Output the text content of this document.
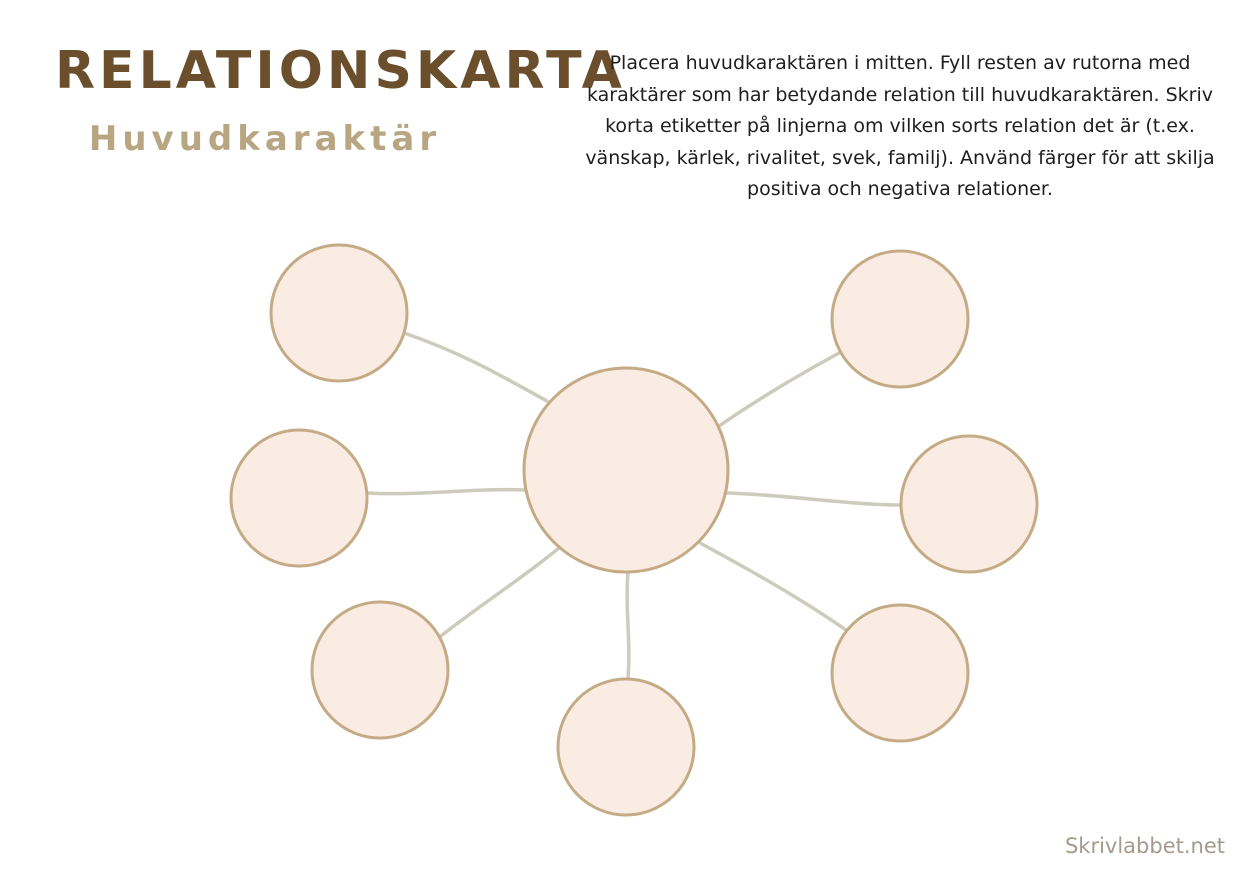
RELATIONSKARTA
Huvudkaraktär

Placera huvudkaraktären i mitten. Fyll resten av rutorna med karaktärer som har betydande relation till huvudkaraktären. Skriv korta etiketter på linjerna om vilken sorts relation det är (t.ex. vänskap, kärlek, rivalitet, svek, familj). Använd färger för att skilja positiva och negativa relationer.

Skrivlabbet.net
